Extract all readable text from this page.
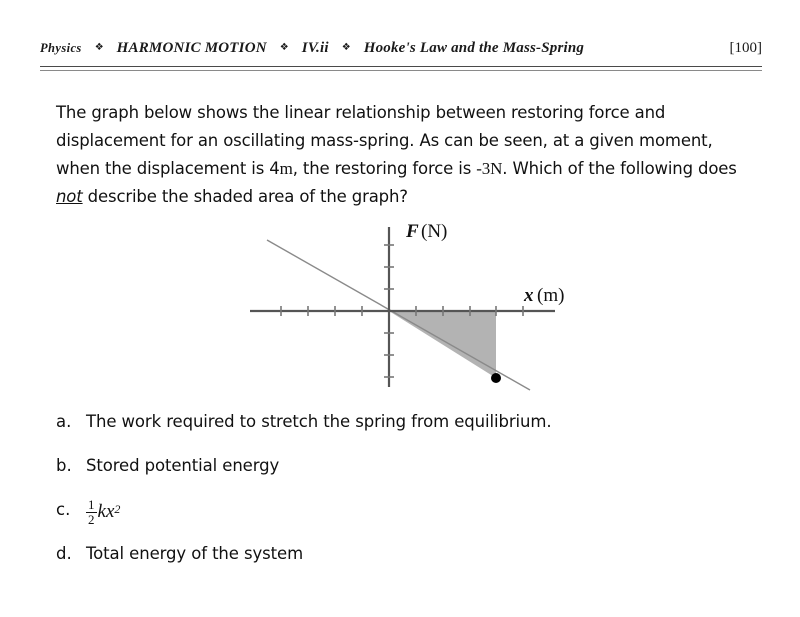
Physics	❖ HARMONIC MOTION	❖ IV.ii	❖ Hooke's Law and the Mass-Spring	[100]

The graph below shows the linear relationship between restoring force and displacement for an oscillating mass-spring. As can be seen, at a given moment, when the displacement is 4m, the restoring force is -3N. Which of the following does not describe the shaded area of the graph?

F (N)
x (m)
a. The work required to stretch the spring from equilibrium.
b. Stored potential energy
c.	$\frac{1}{2}$ k x 2
d. Total energy of the system
